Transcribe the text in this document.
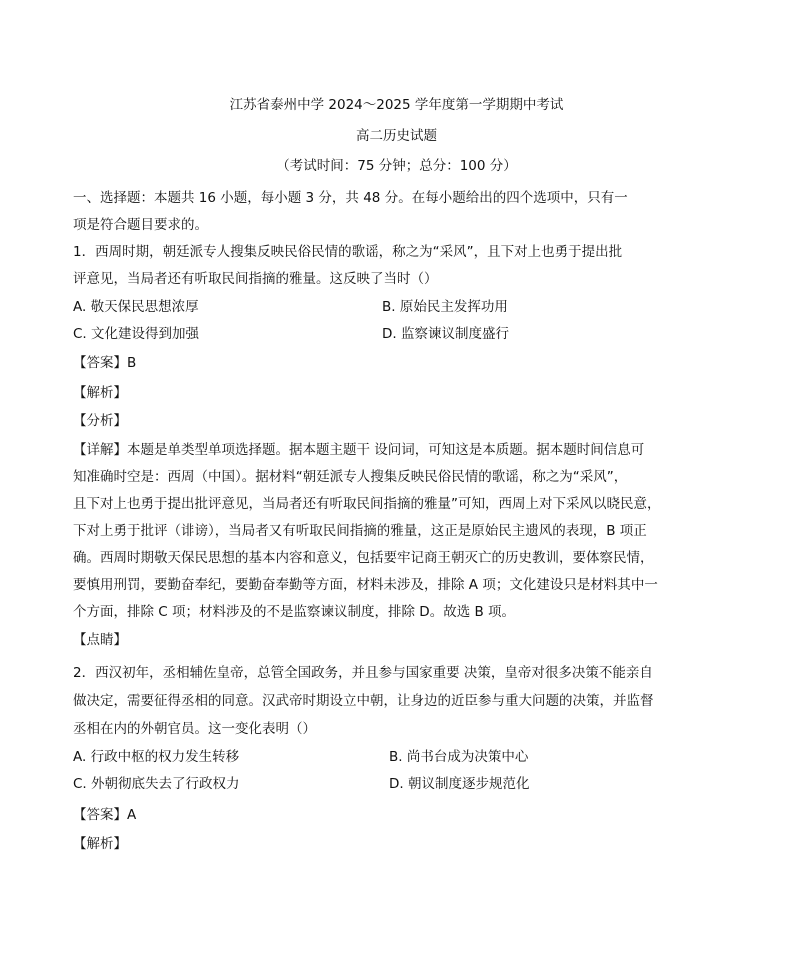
江苏省泰州中学 2024～2025 学年度第一学期期中考试
高二历史试题
（考试时间：75 分钟；总分：100 分）
一、选择题：本题共 16 小题，每小题 3 分，共 48 分。在每小题给出的四个选项中，只有一
项是符合题目要求的。
1．西周时期，朝廷派专人搜集反映民俗民情的歌谣，称之为“采风”，且下对上也勇于提出批
评意见，当局者还有听取民间指摘的雅量。这反映了当时（）
A. 敬天保民思想浓厚	B. 原始民主发挥功用
C. 文化建设得到加强	D. 监察谏议制度盛行
【答案】B
【解析】
【分析】
【详解】本题是单类型单项选择题。据本题主题干 设问词，可知这是本质题。据本题时间信息可
知准确时空是：西周（中国）。据材料“朝廷派专人搜集反映民俗民情的歌谣，称之为“采风”，
且下对上也勇于提出批评意见，当局者还有听取民间指摘的雅量”可知，西周上对下采风以晓民意，
下对上勇于批评（诽谤），当局者又有听取民间指摘的雅量，这正是原始民主遗风的表现，B 项正
确。西周时期敬天保民思想的基本内容和意义，包括要牢记商王朝灭亡的历史教训，要体察民情，
要慎用刑罚，要勤奋奉纪，要勤奋奉勤等方面，材料未涉及，排除 A 项；文化建设只是材料其中一
个方面，排除 C 项；材料涉及的不是监察谏议制度，排除 D。故选 B 项。
【点睛】
2．西汉初年，丞相辅佐皇帝，总管全国政务，并且参与国家重要 决策，皇帝对很多决策不能亲自
做决定，需要征得丞相的同意。汉武帝时期设立中朝，让身边的近臣参与重大问题的决策，并监督
丞相在内的外朝官员。这一变化表明（）
A. 行政中枢的权力发生转移	B. 尚书台成为决策中心
C. 外朝彻底失去了行政权力	D. 朝议制度逐步规范化
【答案】A
【解析】
